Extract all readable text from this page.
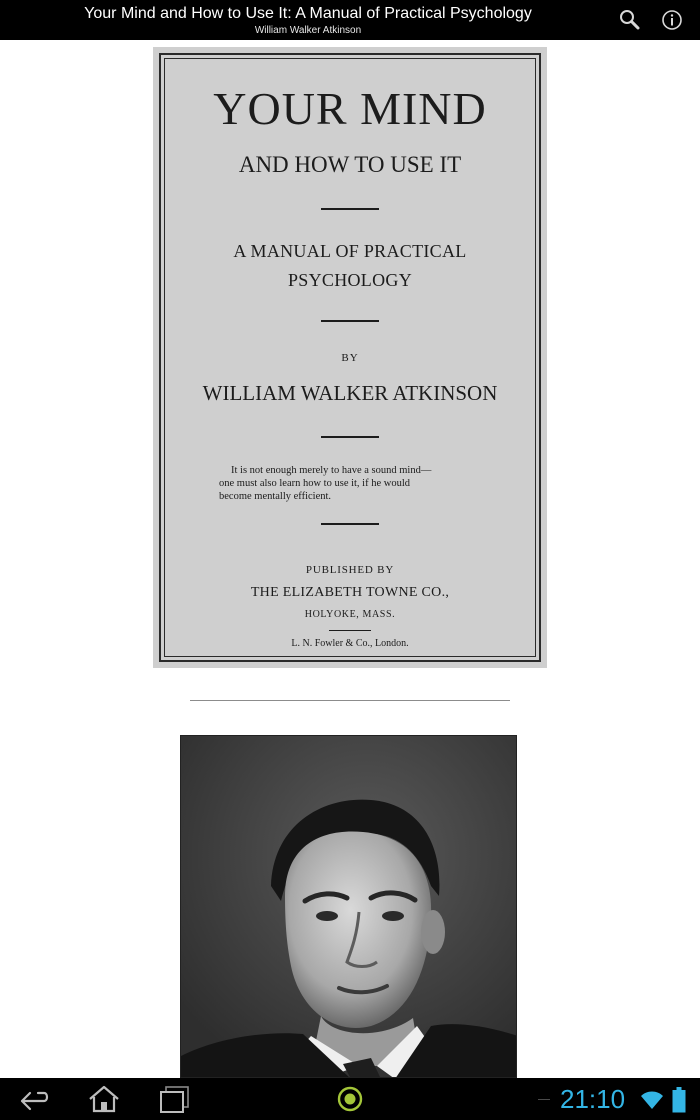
Your Mind and How to Use It: A Manual of Practical Psychology
William Walker Atkinson
YOUR MIND
AND HOW TO USE IT
A MANUAL OF PRACTICAL
PSYCHOLOGY
BY
WILLIAM WALKER ATKINSON
It is not enough merely to have a sound mind—
one must also learn how to use it, if he would
become mentally efficient.
PUBLISHED BY
THE ELIZABETH TOWNE CO.,
HOLYOKE, MASS.
L. N. Fowler & Co., London.
21:10
